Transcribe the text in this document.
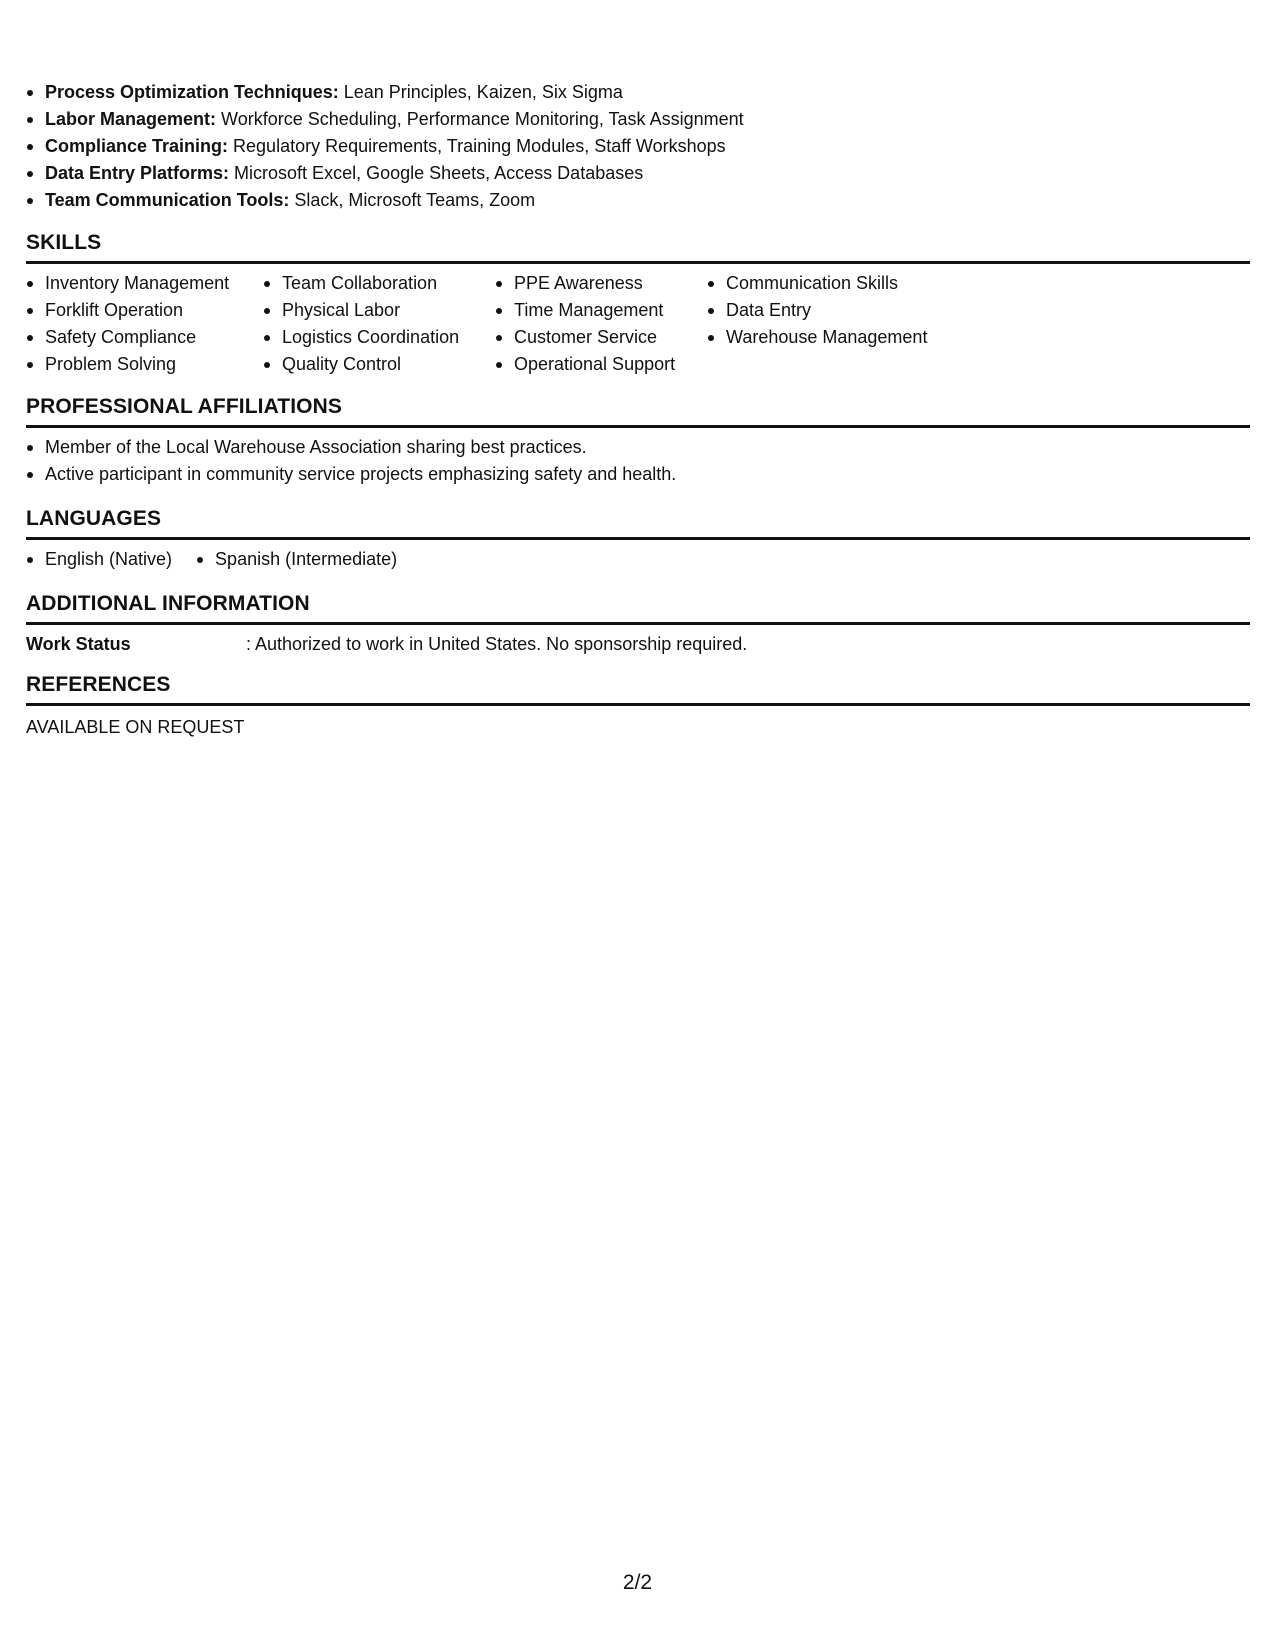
Process Optimization Techniques: Lean Principles, Kaizen, Six Sigma
Labor Management: Workforce Scheduling, Performance Monitoring, Task Assignment
Compliance Training: Regulatory Requirements, Training Modules, Staff Workshops
Data Entry Platforms: Microsoft Excel, Google Sheets, Access Databases
Team Communication Tools: Slack, Microsoft Teams, Zoom
SKILLS
Inventory Management
Forklift Operation
Safety Compliance
Problem Solving
Team Collaboration
Physical Labor
Logistics Coordination
Quality Control
PPE Awareness
Time Management
Customer Service
Operational Support
Communication Skills
Data Entry
Warehouse Management
PROFESSIONAL AFFILIATIONS
Member of the Local Warehouse Association sharing best practices.
Active participant in community service projects emphasizing safety and health.
LANGUAGES
English (Native)	Spanish (Intermediate)
ADDITIONAL INFORMATION
Work Status	: Authorized to work in United States. No sponsorship required.
REFERENCES
AVAILABLE ON REQUEST
2/2
